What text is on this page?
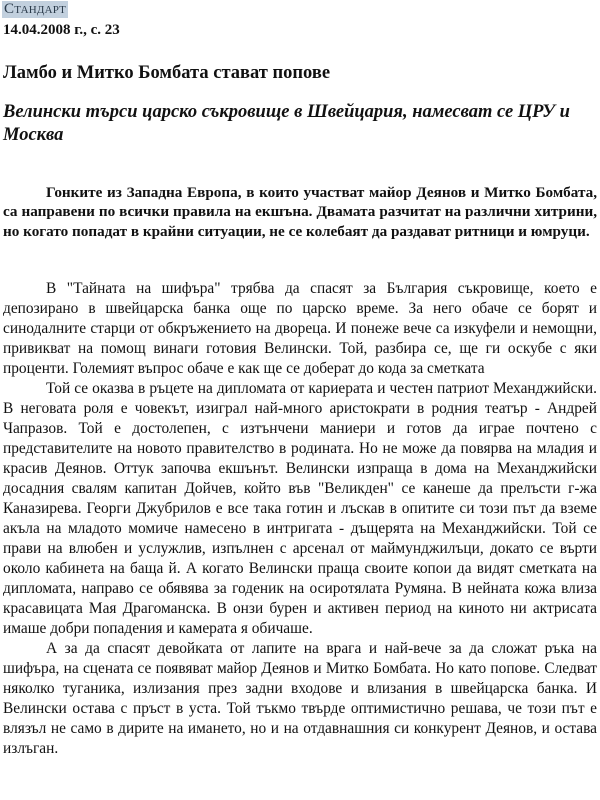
Стандарт
14.04.2008 г., с. 23
Ламбо и Митко Бомбата стават попове
Велински търси царско съкровище в Швейцария, намесват се ЦРУ и Москва
Гонките из Западна Европа, в които участват майор Деянов и Митко Бомбата, са направени по всички правила на екшъна. Двамата разчитат на различни хитрини, но когато попадат в крайни ситуации, не се колебаят да раздават ритници и юмруци.

В "Тайната на шифъра" трябва да спасят за България съкровище, което е депозирано в швейцарска банка още по царско време. За него обаче се борят и синодалните старци от обкръжението на двореца. И понеже вече са изкуфели и немощни, привикват на помощ винаги готовия Велински. Той, разбира се, ще ги оскубе с яки проценти. Големият въпрос обаче е как ще се доберат до кода за сметката

Той се оказва в ръцете на дипломата от кариерата и честен патриот Механджийски. В неговата роля е човекът, изиграл най-много аристократи в родния театър - Андрей Чапразов. Той е достолепен, с изтънчени маниери и готов да играе почтено с представителите на новото правителство в родината. Но не може да повярва на младия и красив Деянов. Оттук започва екшънът. Велински изпраща в дома на Механджийски досадния свалям капитан Дойчев, който във "Великден" се канеше да прелъсти г-жа Каназирева. Георги Джубрилов е все така готин и лъскав в опитите си този път да вземе акъла на младото момиче намесено в интригата - дъщерята на Механджийски. Той се прави на влюбен и услужлив, изпълнен с арсенал от маймунджилъци, докато се върти около кабинета на баща й. А когато Велински праща своите копои да видят сметката на дипломата, направо се обявява за годеник на осиротялата Румяна. В нейната кожа влиза красавицата Мая Драгоманска. В онзи бурен и активен период на киното ни актрисата имаше добри попадения и камерата я обичаше.

А за да спасят девойката от лапите на врага и най-вече за да сложат ръка на шифъра, на сцената се появяват майор Деянов и Митко Бомбата. Но като попове. Следват няколко туганика, излизания през задни входове и влизания в швейцарска банка. И Велински остава с пръст в уста. Той тъкмо твърде оптимистично решава, че този път е влязъл не само в дирите на имането, но и на отдавнашния си конкурент Деянов, и остава излъган.
